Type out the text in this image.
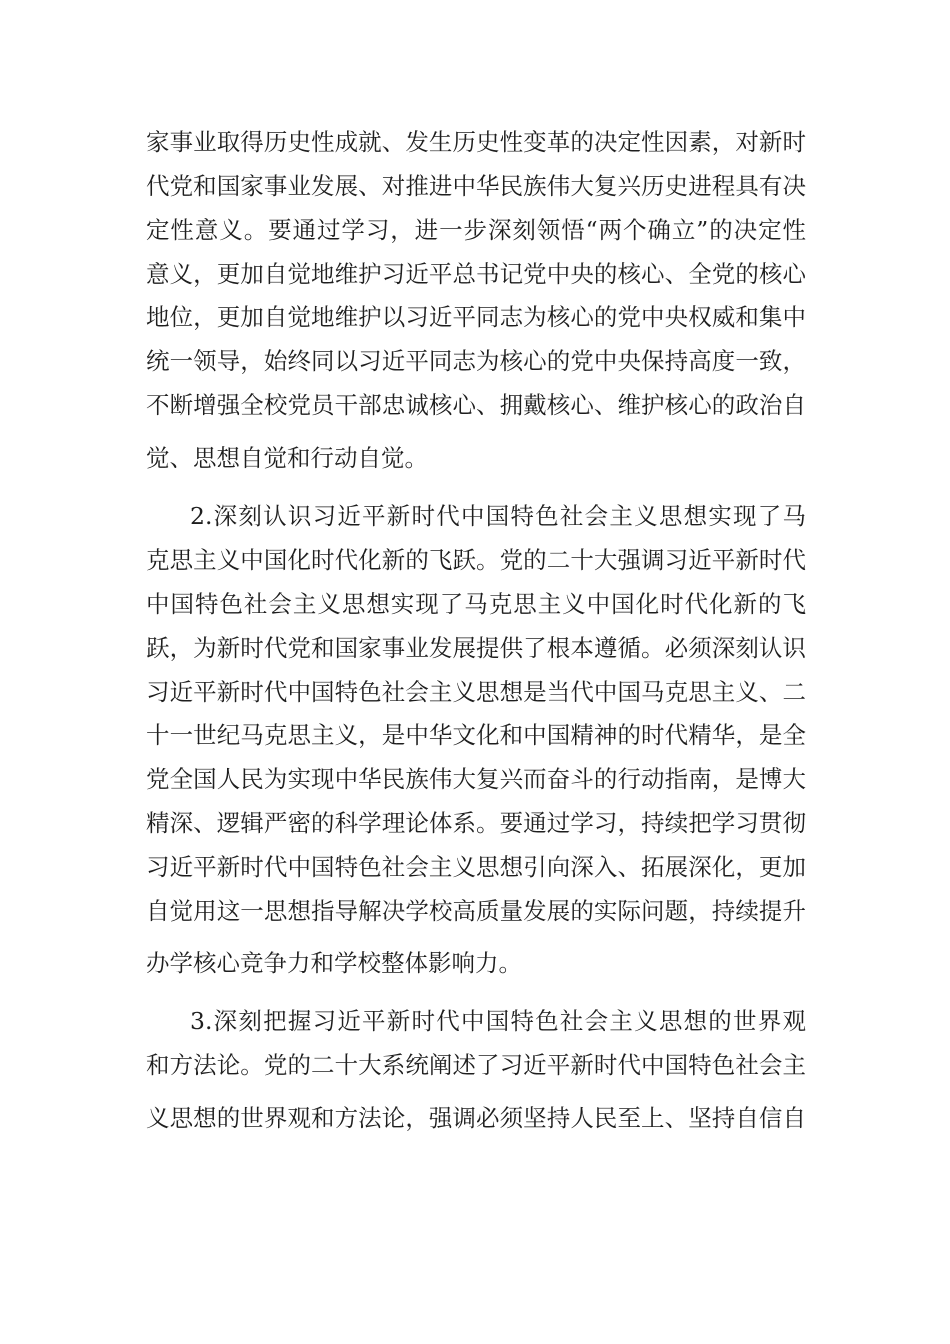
家事业取得历史性成就、发生历史性变革的决定性因素，对新时
代党和国家事业发展、对推进中华民族伟大复兴历史进程具有决
定性意义。要通过学习，进一步深刻领悟“两个确立”的决定性
意义，更加自觉地维护习近平总书记党中央的核心、全党的核心
地位，更加自觉地维护以习近平同志为核心的党中央权威和集中
统一领导，始终同以习近平同志为核心的党中央保持高度一致，
不断增强全校党员干部忠诚核心、拥戴核心、维护核心的政治自
觉、思想自觉和行动自觉。
2.深刻认识习近平新时代中国特色社会主义思想实现了马
克思主义中国化时代化新的飞跃。党的二十大强调习近平新时代
中国特色社会主义思想实现了马克思主义中国化时代化新的飞
跃，为新时代党和国家事业发展提供了根本遵循。必须深刻认识
习近平新时代中国特色社会主义思想是当代中国马克思主义、二
十一世纪马克思主义，是中华文化和中国精神的时代精华，是全
党全国人民为实现中华民族伟大复兴而奋斗的行动指南，是博大
精深、逻辑严密的科学理论体系。要通过学习，持续把学习贯彻
习近平新时代中国特色社会主义思想引向深入、拓展深化，更加
自觉用这一思想指导解决学校高质量发展的实际问题，持续提升
办学核心竞争力和学校整体影响力。
3.深刻把握习近平新时代中国特色社会主义思想的世界观
和方法论。党的二十大系统阐述了习近平新时代中国特色社会主
义思想的世界观和方法论，强调必须坚持人民至上、坚持自信自
